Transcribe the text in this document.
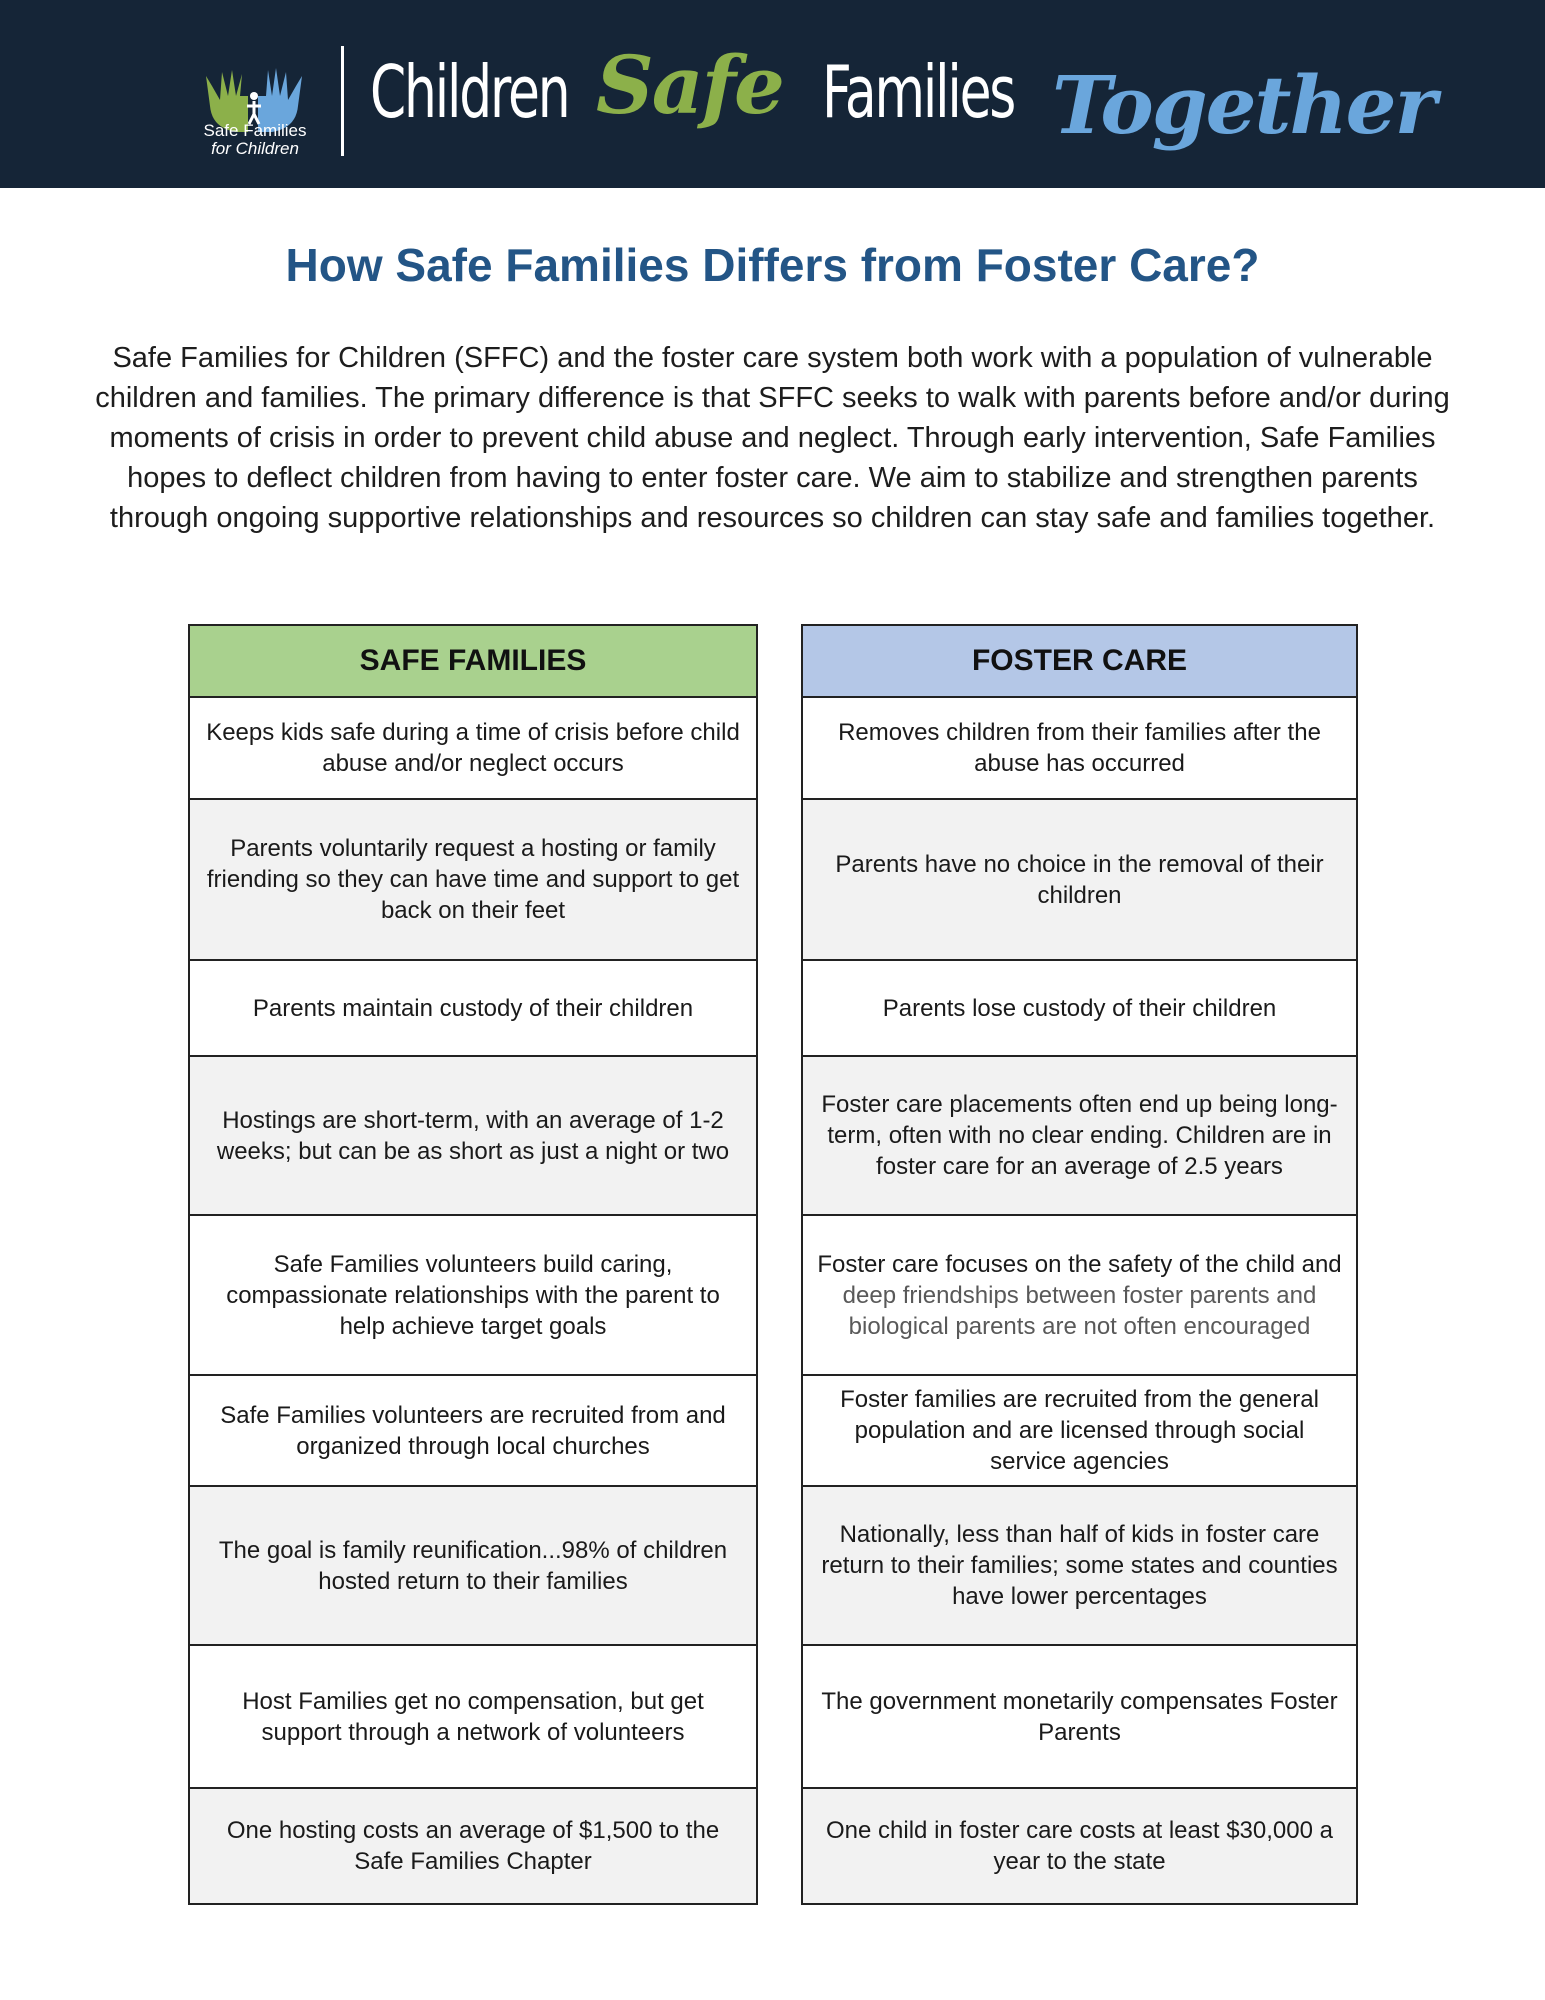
Safe Families
for Children
Children Safe Families Together
How Safe Families Differs from Foster Care?
Safe Families for Children (SFFC) and the foster care system both work with a population of vulnerable children and families. The primary difference is that SFFC seeks to walk with parents before and/or during moments of crisis in order to prevent child abuse and neglect. Through early intervention, Safe Families hopes to deflect children from having to enter foster care. We aim to stabilize and strengthen parents through ongoing supportive relationships and resources so children can stay safe and families together.
SAFE FAMILIES
Keeps kids safe during a time of crisis before child abuse and/or neglect occurs
Parents voluntarily request a hosting or family friending so they can have time and support to get back on their feet
Parents maintain custody of their children
Hostings are short-term, with an average of 1-2 weeks; but can be as short as just a night or two
Safe Families volunteers build caring, compassionate relationships with the parent to help achieve target goals
Safe Families volunteers are recruited from and organized through local churches
The goal is family reunification...98% of children hosted return to their families
Host Families get no compensation, but get support through a network of volunteers
One hosting costs an average of $1,500 to the Safe Families Chapter
FOSTER CARE
Removes children from their families after the abuse has occurred
Parents have no choice in the removal of their children
Parents lose custody of their children
Foster care placements often end up being long-term, often with no clear ending. Children are in foster care for an average of 2.5 years
Foster care focuses on the safety of the child and deep friendships between foster parents and biological parents are not often encouraged
Foster families are recruited from the general population and are licensed through social service agencies
Nationally, less than half of kids in foster care return to their families; some states and counties have lower percentages
The government monetarily compensates Foster Parents
One child in foster care costs at least $30,000 a year to the state
